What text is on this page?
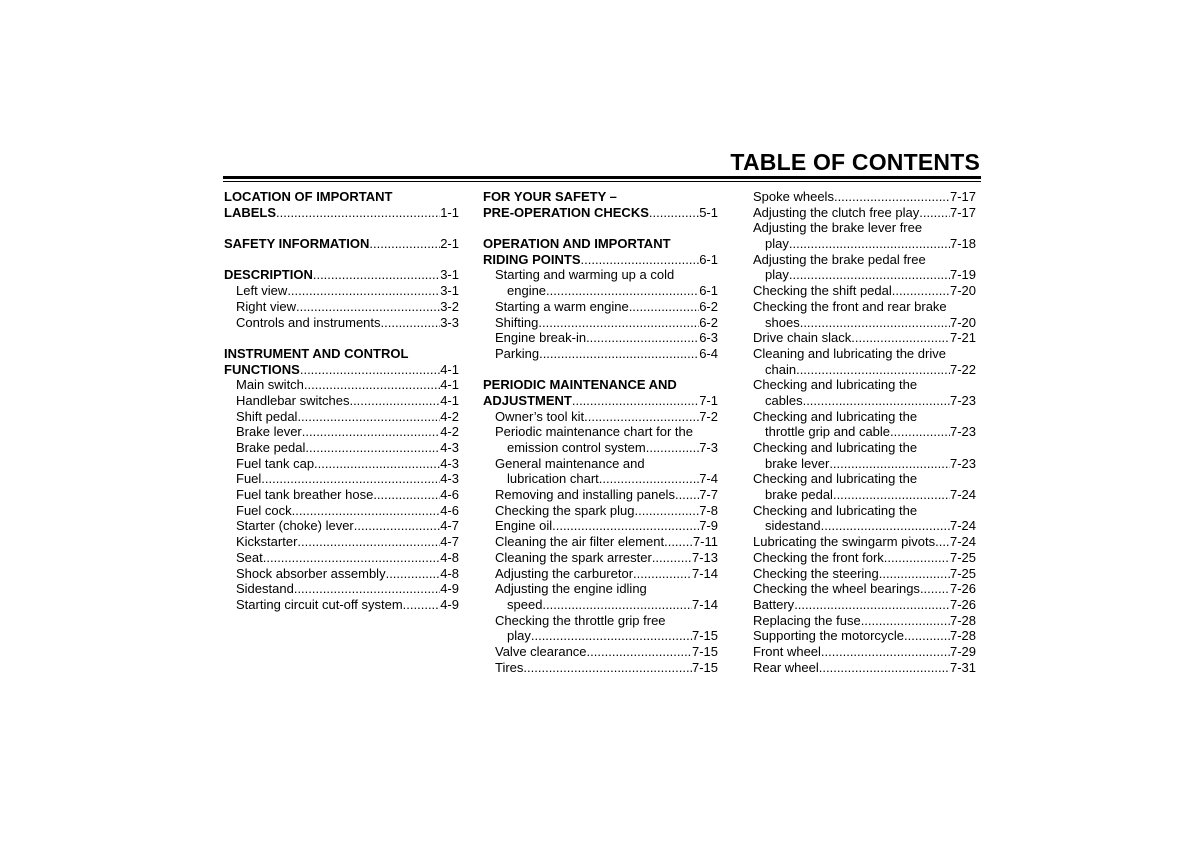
TABLE OF CONTENTS
LOCATION OF IMPORTANT
LABELS .....	1-1
SAFETY INFORMATION .....	2-1
DESCRIPTION .....	3-1
Left view .....	3-1
Right view .....	3-2
Controls and instruments .....	3-3
INSTRUMENT AND CONTROL
FUNCTIONS .....	4-1
Main switch .....	4-1
Handlebar switches .....	4-1
Shift pedal .....	4-2
Brake lever .....	4-2
Brake pedal .....	4-3
Fuel tank cap .....	4-3
Fuel .....	4-3
Fuel tank breather hose .....	4-6
Fuel cock .....	4-6
Starter (choke) lever .....	4-7
Kickstarter .....	4-7
Seat .....	4-8
Shock absorber assembly .....	4-8
Sidestand .....	4-9
Starting circuit cut-off system .....	4-9
FOR YOUR SAFETY –
PRE-OPERATION CHECKS .....	5-1
OPERATION AND IMPORTANT
RIDING POINTS .....	6-1
Starting and warming up a cold
engine .....	6-1
Starting a warm engine .....	6-2
Shifting .....	6-2
Engine break-in .....	6-3
Parking .....	6-4
PERIODIC MAINTENANCE AND
ADJUSTMENT .....	7-1
Owner’s tool kit .....	7-2
Periodic maintenance chart for the
emission control system .....	7-3
General maintenance and
lubrication chart .....	7-4
Removing and installing panels ..... 7-7
Checking the spark plug .....	7-8
Engine oil .....	7-9
Cleaning the air filter element ..... 7-11
Cleaning the spark arrester .....	7-13
Adjusting the carburetor .....	7-14
Adjusting the engine idling
speed .....	7-14
Checking the throttle grip free
play .....	7-15
Valve clearance .....	7-15
Tires .....	7-15
Spoke wheels .....	7-17
Adjusting the clutch free play ..... 7-17
Adjusting the brake lever free
play .....	7-18
Adjusting the brake pedal free
play .....	7-19
Checking the shift pedal .....	7-20
Checking the front and rear brake
shoes .....	7-20
Drive chain slack .....	7-21
Cleaning and lubricating the drive
chain .....	7-22
Checking and lubricating the
cables .....	7-23
Checking and lubricating the
throttle grip and cable .....	7-23
Checking and lubricating the
brake lever .....	7-23
Checking and lubricating the
brake pedal .....	7-24
Checking and lubricating the
sidestand .....	7-24
Lubricating the swingarm pivots ..... 7-24
Checking the front fork .....	7-25
Checking the steering .....	7-25
Checking the wheel bearings ..... 7-26
Battery .....	7-26
Replacing the fuse .....	7-28
Supporting the motorcycle .....	7-28
Front wheel .....	7-29
Rear wheel .....	7-31
